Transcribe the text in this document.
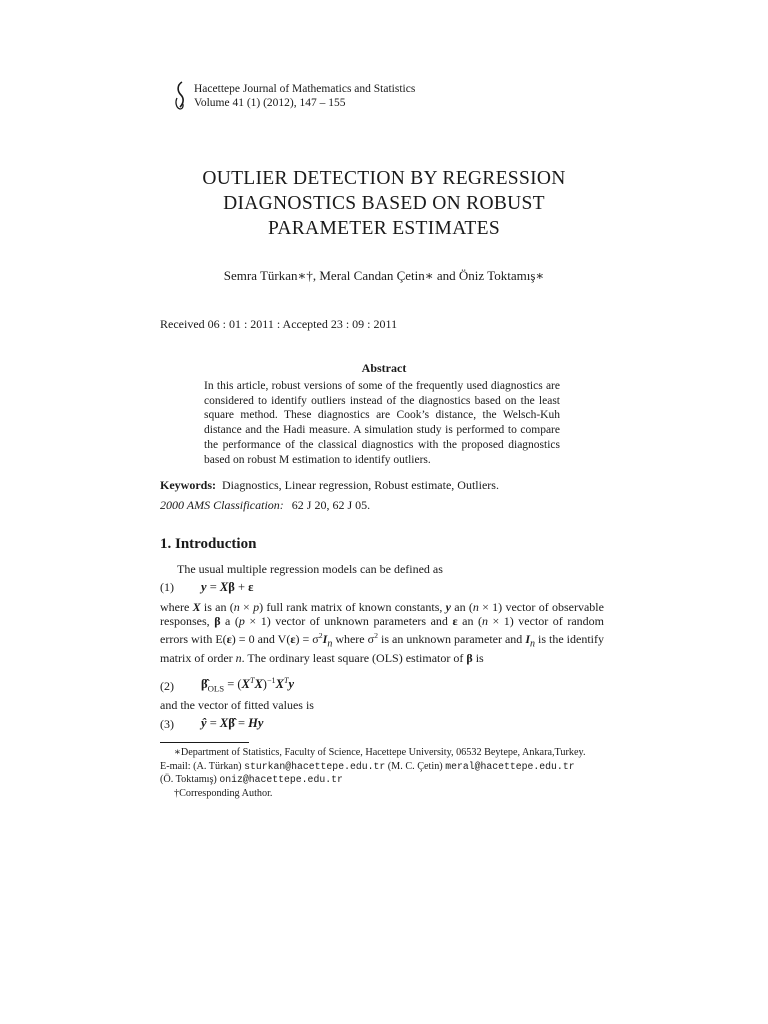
Hacettepe Journal of Mathematics and Statistics
Volume 41 (1) (2012), 147 – 155
OUTLIER DETECTION BY REGRESSION
DIAGNOSTICS BASED ON ROBUST
PARAMETER ESTIMATES
Semra Türkan∗†, Meral Candan Çetin∗ and Öniz Toktamış∗
Received 06 : 01 : 2011 : Accepted 23 : 09 : 2011
Abstract
In this article, robust versions of some of the frequently used diagnostics are considered to identify outliers instead of the diagnostics based on the least square method. These diagnostics are Cook’s distance, the Welsch-Kuh distance and the Hadi measure. A simulation study is performed to compare the performance of the classical diagnostics with the proposed diagnostics based on robust M estimation to identify outliers.
Keywords: Diagnostics, Linear regression, Robust estimate, Outliers.
2000 AMS Classification: 62 J 20, 62 J 05.
1. Introduction
The usual multiple regression models can be defined as
(1) y = Xβ + ε
where X is an (n × p) full rank matrix of known constants, y an (n × 1) vector of observable responses, β a (p × 1) vector of unknown parameters and ε an (n × 1) vector of random errors with E(ε) = 0 and $V(\varepsilon) = \sigma^2I_n$ where $\sigma^2$ is an unknown parameter and $I_n$ is the identify matrix of order n. The ordinary least square (OLS) estimator of β is
(2) $\betâ_{OLS} = (X^TX)^{-1}X^Ty$
and the vector of fitted values is
(3) ŷ = Xβ̂ = Hy
∗Department of Statistics, Faculty of Science, Hacettepe University, 06532 Beytepe, Ankara,Turkey.
E-mail: (A. Türkan) sturkan@hacettepe.edu.tr (M. C. Çetin) meral@hacettepe.edu.tr
(Ö. Toktamış) oniz@hacettepe.edu.tr
†Corresponding Author.
